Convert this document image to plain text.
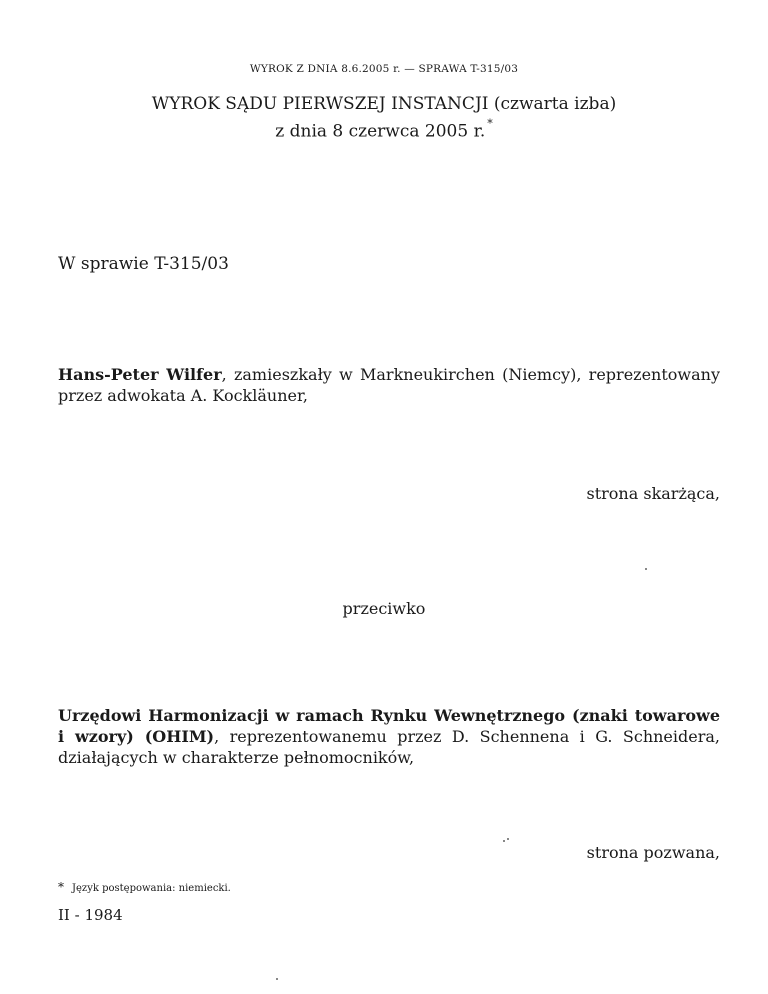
WYROK Z DNIA 8.6.2005 r. — SPRAWA T-315/03
WYROK SĄDU PIERWSZEJ INSTANCJI (czwarta izba)
z dnia 8 czerwca 2005 r. *
W sprawie T-315/03
Hans-Peter Wilfer, zamieszkały w Markneukirchen (Niemcy), reprezentowany przez adwokata A. Kockläuner,
strona skarżąca,
przeciwko
Urzędowi Harmonizacji w ramach Rynku Wewnętrznego (znaki towarowe i wzory) (OHIM), reprezentowanemu przez D. Schennena i G. Schneidera, działających w charakterze pełnomocników,
strona pozwana,
* Język postępowania: niemiecki.
II - 1984
